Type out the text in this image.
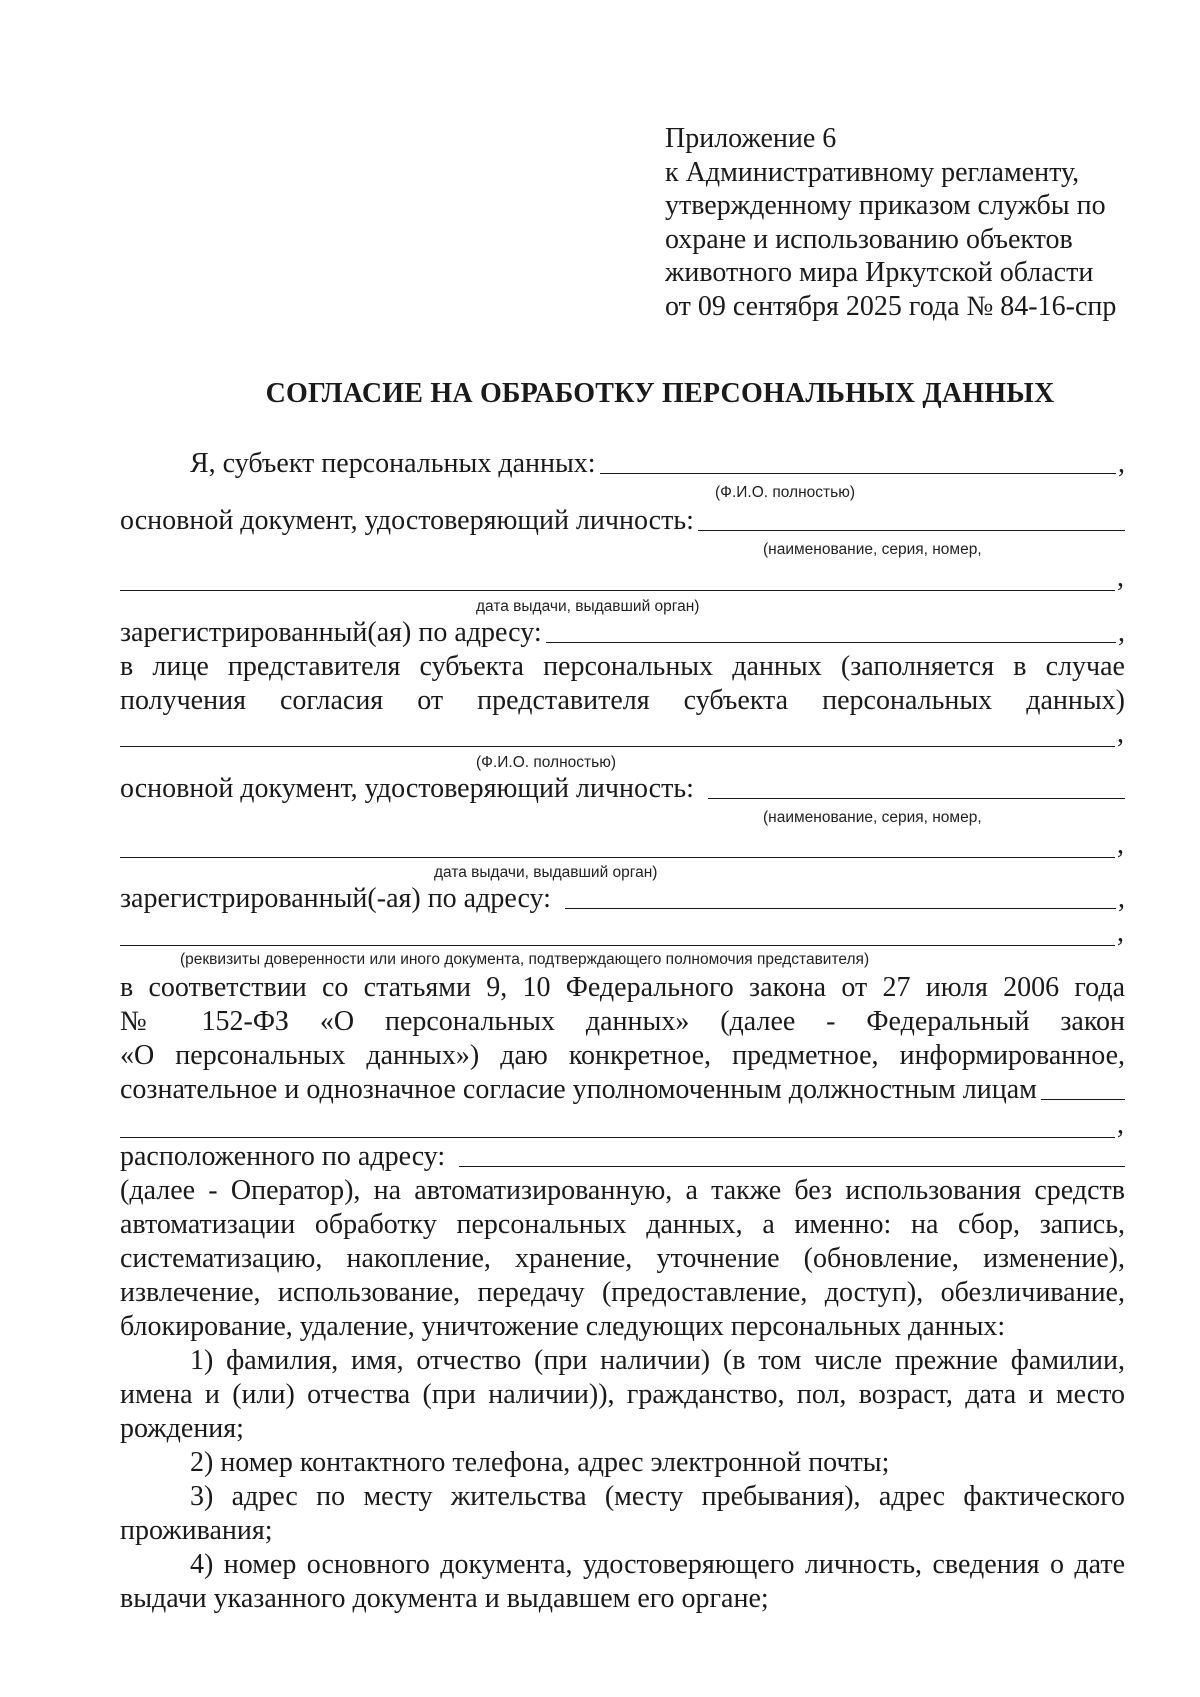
Приложение 6
к Административному регламенту,
утвержденному приказом службы по
охране и использованию объектов
животного мира Иркутской области
от 09 сентября 2025 года № 84-16-спр
СОГЛАСИЕ НА ОБРАБОТКУ ПЕРСОНАЛЬНЫХ ДАННЫХ
Я, субъект персональных данных:	,
(Ф.И.О. полностью)
основной документ, удостоверяющий личность:
(наименование, серия, номер,
,
дата выдачи, выдавший орган)
зарегистрированный(ая) по адресу:	,
в лице представителя субъекта персональных данных (заполняется в случае
получения согласия от представителя субъекта персональных данных)
,
(Ф.И.О. полностью)
основной документ, удостоверяющий личность:
(наименование, серия, номер,
,
дата выдачи, выдавший орган)
зарегистрированный(-ая) по адресу:	,
,
(реквизиты доверенности или иного документа, подтверждающего полномочия представителя)
в соответствии со статьями 9, 10 Федерального закона от 27 июля 2006 года
№ 152-ФЗ «О персональных данных» (далее - Федеральный закон
«О персональных данных») даю конкретное, предметное, информированное,
сознательное и однозначное согласие уполномоченным должностным лицам
,
расположенного по адресу:
(далее - Оператор), на автоматизированную, а также без использования средств
автоматизации обработку персональных данных, а именно: на сбор, запись,
систематизацию, накопление, хранение, уточнение (обновление, изменение),
извлечение, использование, передачу (предоставление, доступ), обезличивание,
блокирование, удаление, уничтожение следующих персональных данных:
1) фамилия, имя, отчество (при наличии) (в том числе прежние фамилии,
имена и (или) отчества (при наличии)), гражданство, пол, возраст, дата и место
рождения;
2) номер контактного телефона, адрес электронной почты;
3) адрес по месту жительства (месту пребывания), адрес фактического
проживания;
4) номер основного документа, удостоверяющего личность, сведения о дате
выдачи указанного документа и выдавшем его органе;
